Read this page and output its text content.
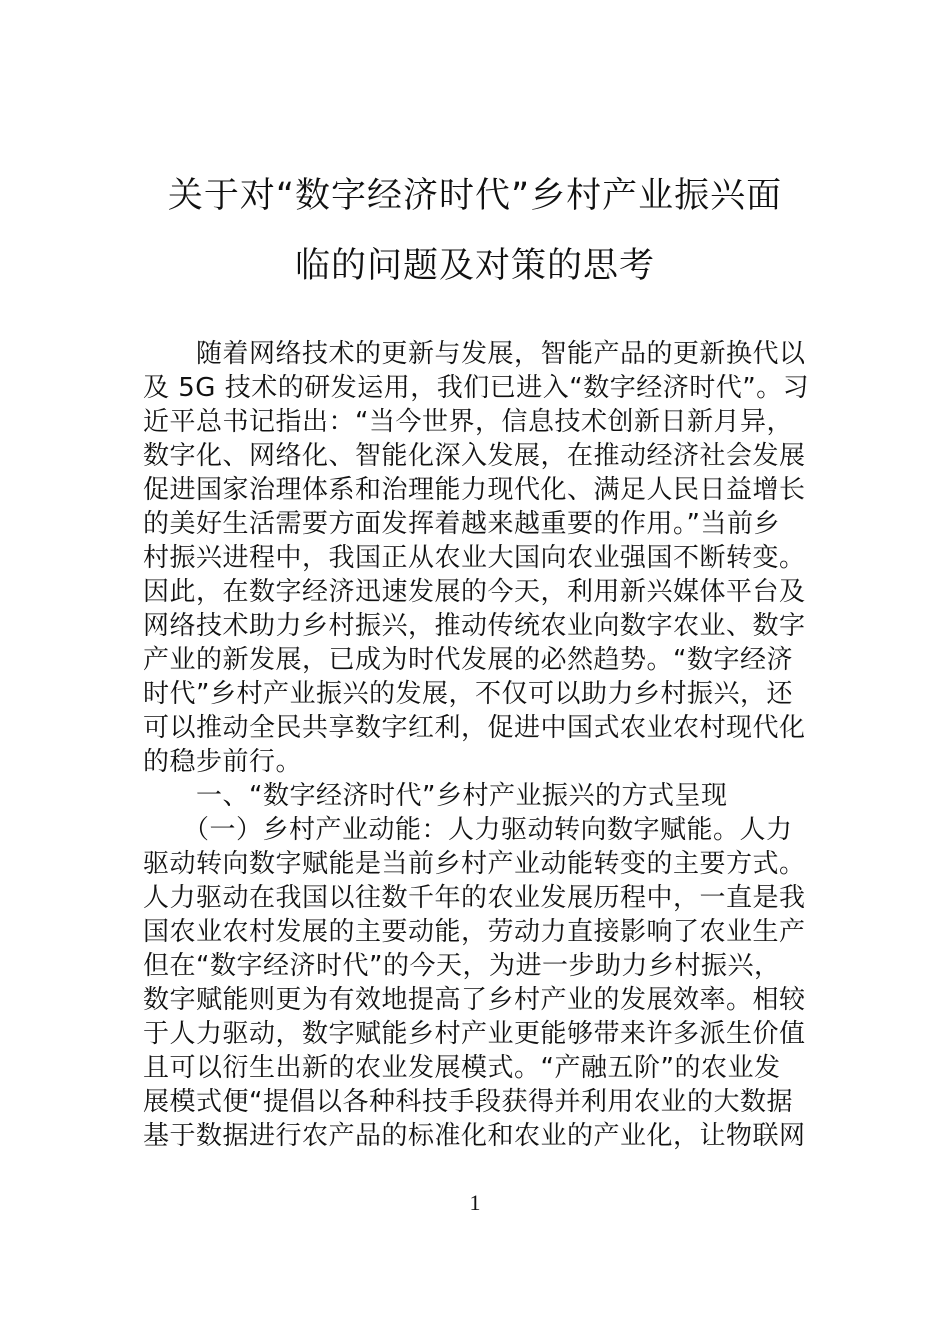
关于对“数字经济时代”乡村产业振兴面
临的问题及对策的思考
　　随着网络技术的更新与发展，智能产品的更新换代以
及 5G 技术的研发运用，我们已进入“数字经济时代”。习
近平总书记指出：“当今世界，信息技术创新日新月异，
数字化、网络化、智能化深入发展，在推动经济社会发展
促进国家治理体系和治理能力现代化、满足人民日益增长
的美好生活需要方面发挥着越来越重要的作用。”当前乡
村振兴进程中，我国正从农业大国向农业强国不断转变。
因此，在数字经济迅速发展的今天，利用新兴媒体平台及
网络技术助力乡村振兴，推动传统农业向数字农业、数字
产业的新发展，已成为时代发展的必然趋势。“数字经济
时代”乡村产业振兴的发展，不仅可以助力乡村振兴，还
可以推动全民共享数字红利，促进中国式农业农村现代化
的稳步前行。
　　一、“数字经济时代”乡村产业振兴的方式呈现
　　（一）乡村产业动能：人力驱动转向数字赋能。人力
驱动转向数字赋能是当前乡村产业动能转变的主要方式。
人力驱动在我国以往数千年的农业发展历程中，一直是我
国农业农村发展的主要动能，劳动力直接影响了农业生产
但在“数字经济时代”的今天，为进一步助力乡村振兴，
数字赋能则更为有效地提高了乡村产业的发展效率。相较
于人力驱动，数字赋能乡村产业更能够带来许多派生价值
且可以衍生出新的农业发展模式。“产融五阶”的农业发
展模式便“提倡以各种科技手段获得并利用农业的大数据
基于数据进行农产品的标准化和农业的产业化，让物联网
1
